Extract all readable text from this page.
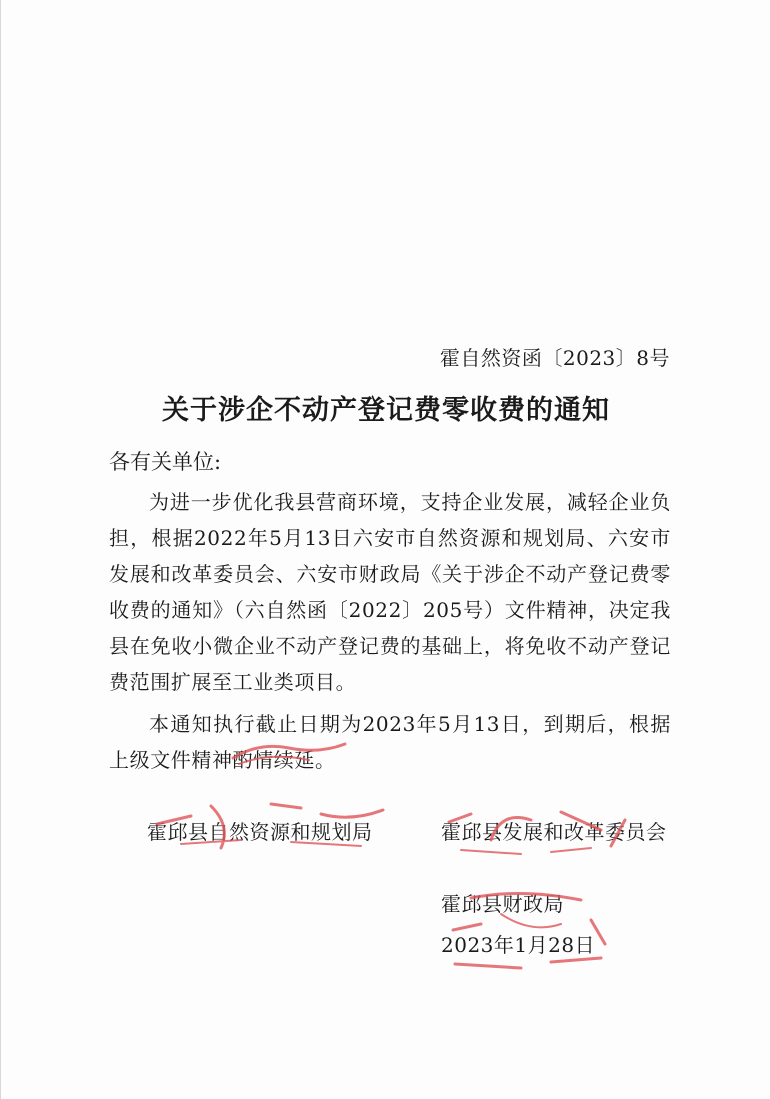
霍自然资函〔2023〕8号
关于涉企不动产登记费零收费的通知
各有关单位:
为进一步优化我县营商环境，支持企业发展，减轻企业负担，根据2022年5月13日六安市自然资源和规划局、六安市发展和改革委员会、六安市财政局《关于涉企不动产登记费零收费的通知》（六自然函〔2022〕205号）文件精神，决定我县在免收小微企业不动产登记费的基础上，将免收不动产登记费范围扩展至工业类项目。
本通知执行截止日期为2023年5月13日，到期后，根据上级文件精神酌情续延。
霍邱县自然资源和规划局	霍邱县发展和改革委员会
霍邱县财政局
2023年1月28日
